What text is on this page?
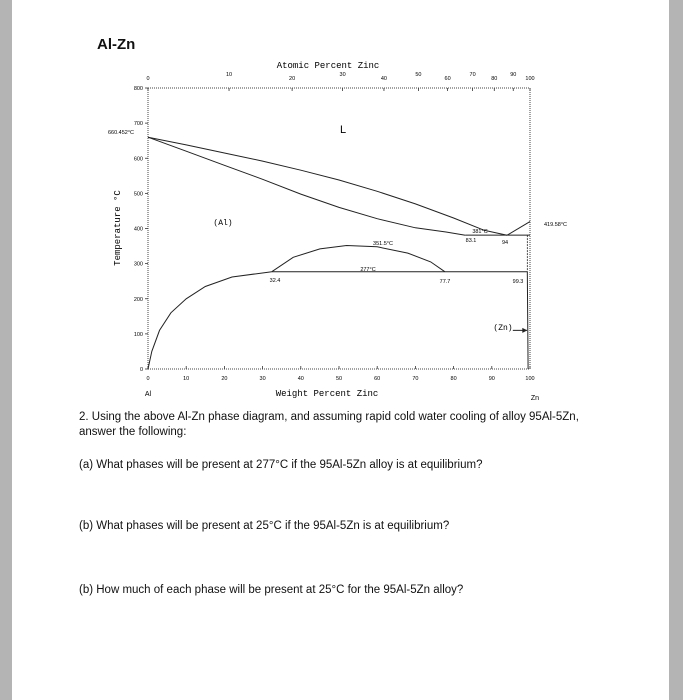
Al-Zn
Atomic Percent Zinc
Weight Percent Zinc
Temperature °C
Al
Zn
800
700
600
500
400
300
200
100
0
0	10	20	30	40	50	60	70	80	90	100
0
10
20
30
40
50
60
70
80
90
100
L
(Al)
(Zn)
660.452°C
419.58°C
351.5°C
277°C
381°C
83.1	94
32.4	77.7	99.3
2. Using the above Al-Zn phase diagram, and assuming rapid cold water cooling of alloy 95Al-5Zn, answer the following:
(a) What phases will be present at 277°C if the 95Al-5Zn alloy is at equilibrium?
(b) What phases will be present at 25°C if the 95Al-5Zn is at equilibrium?
(b) How much of each phase will be present at 25°C for the 95Al-5Zn alloy?
